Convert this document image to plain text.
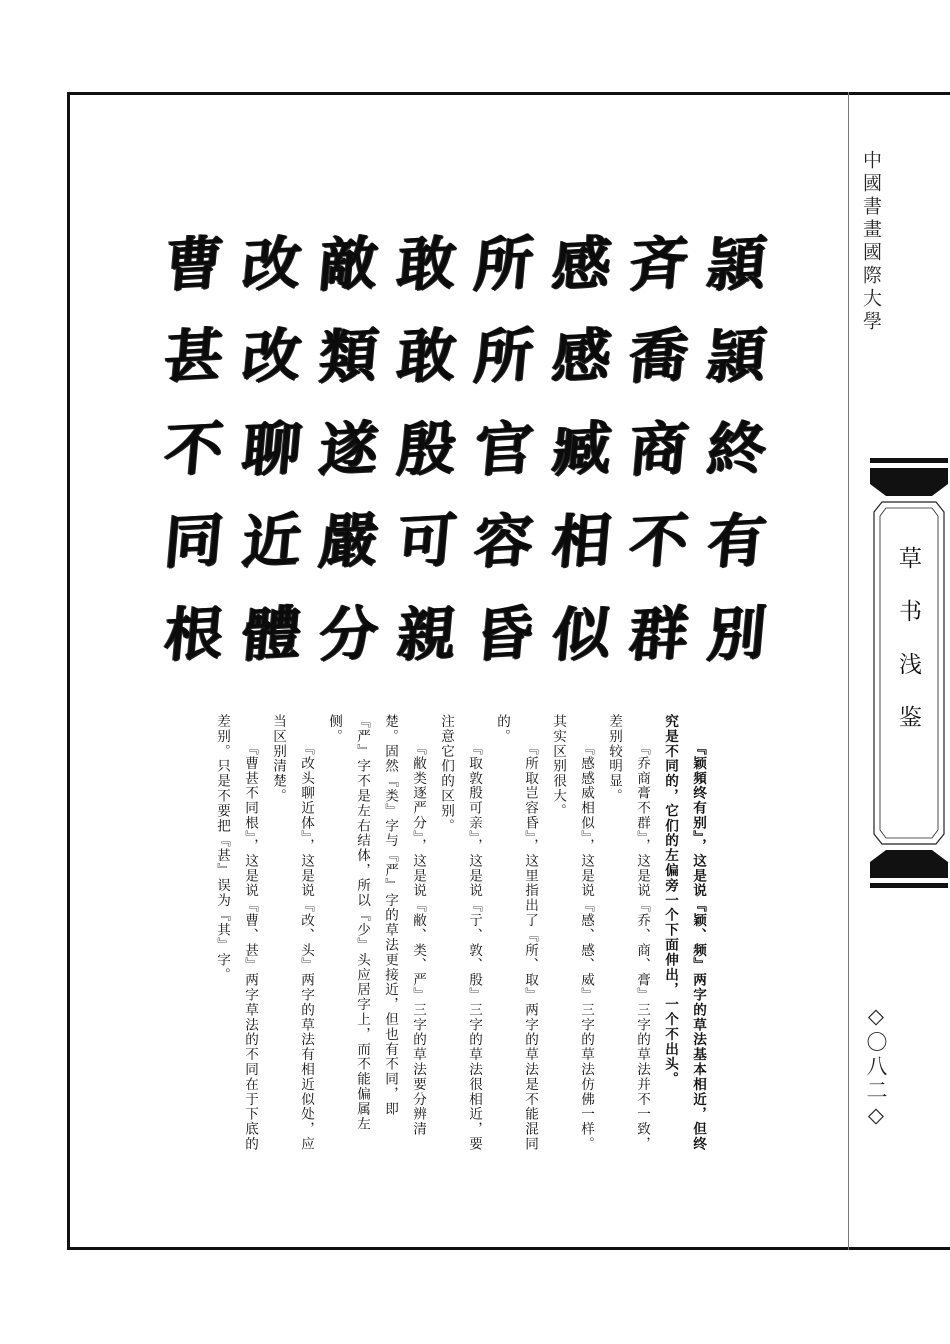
中國書畫國際大學
草书浅鉴
◇〇八二◇
頴
頴
終
有
別
斉
喬
商
不
群
感
感
臧
相
似
所
所
官
容
昏
敢
敢
殷
可
親
敵
類
遂
嚴
分
改
改
聊
近
體
曹
甚
不
同
根

『颖頻终有别』，这是说『颖、频』两字的草法基本相近，但终究是不同的，它们的左偏旁一个下面伸出，一个不出头。

『乔商膏不群』，这是说『乔、商、膏』三字的草法并不一致，差别较明显。

『感感威相似』，这是说『感、感、威』三字的草法仿佛一样。其实区别很大。

『所取岂容昏』，这里指出了『所、取』两字的草法是不能混同的。

『取敦殷可亲』，这是说『亍、敦、殷』三字的草法很相近，要注意它们的区别。

『敝类逐严分』，这是说『敝、类、严』三字的草法要分辨清楚。固然『类』字与『严』字的草法更接近，但也有不同，即『严』字不是左右结体，所以『少』头应居字上，而不能偏属左侧。

『改头聊近体』，这是说『改、头』两字的草法有相近似处，应当区别清楚。

『曹甚不同根』，这是说『曹、甚』两字草法的不同在于下底的差别。只是不要把『甚』误为『其』字。
